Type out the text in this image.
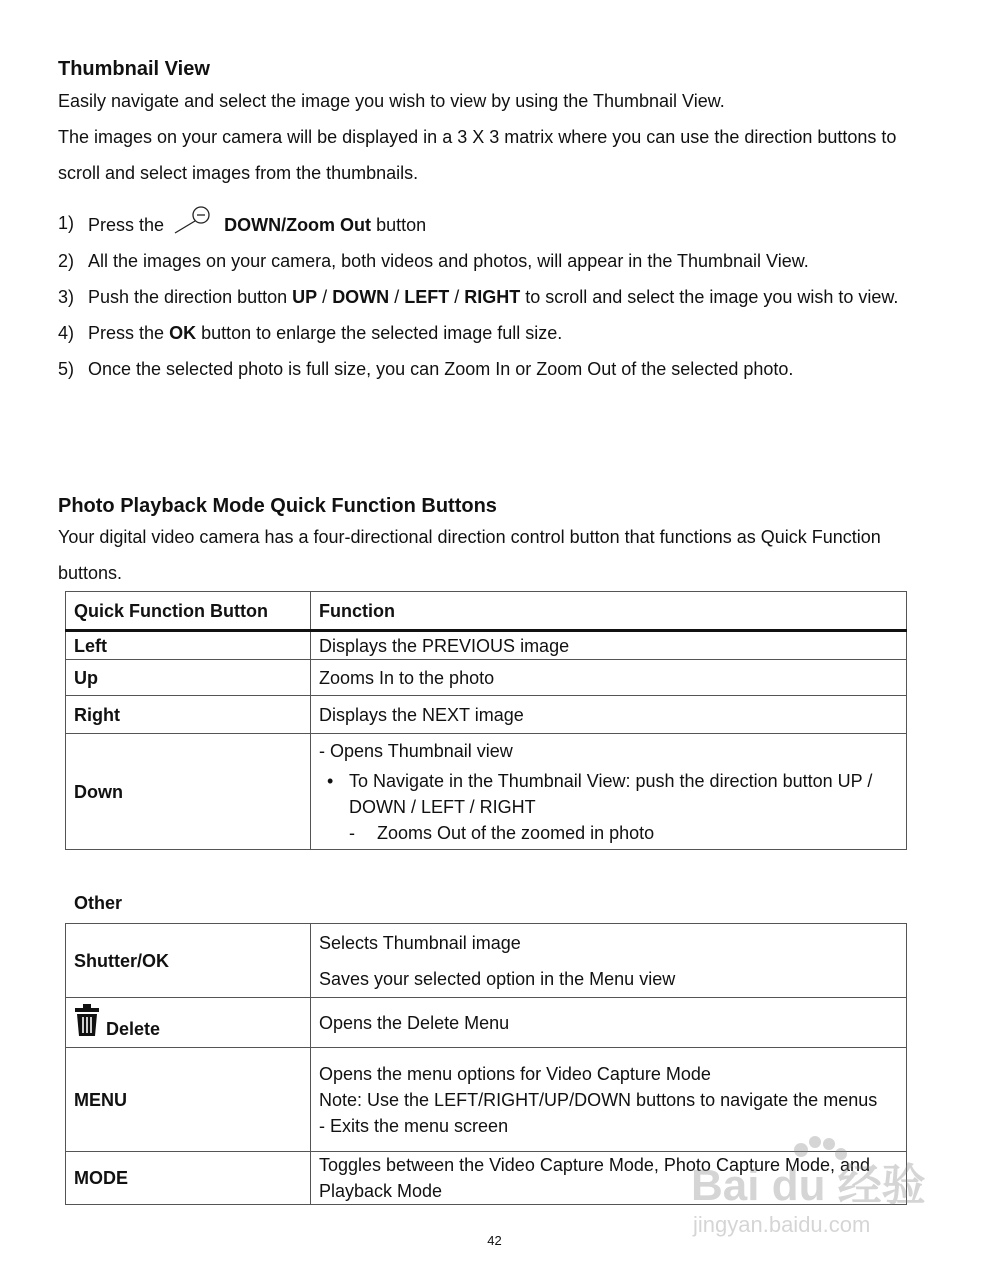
Thumbnail View

Easily navigate and select the image you wish to view by using the Thumbnail View.

The images on your camera will be displayed in a 3 X 3 matrix where you can use the direction buttons to scroll and select images from the thumbnails.

1) Press the	DOWN/Zoom Out button
2) All the images on your camera, both videos and photos, will appear in the Thumbnail View.
3) Push the direction button UP / DOWN / LEFT / RIGHT to scroll and select the image you wish to view.
4) Press the OK button to enlarge the selected image full size.
5) Once the selected photo is full size, you can Zoom In or Zoom Out of the selected photo.
Photo Playback Mode Quick Function Buttons

Your digital video camera has a four-directional direction control button that functions as Quick Function buttons.

Quick Function Button	Function
Left	Displays the PREVIOUS image
Up	Zooms In to the photo
Right	Displays the NEXT image
Down	- Opens Thumbnail view
• To Navigate in the Thumbnail View: push the direction button UP / DOWN / LEFT / RIGHT
- Zooms Out of the zoomed in photo
Other
Shutter/OK	Selects Thumbnail image
Saves your selected option in the Menu view

Delete	Opens the Delete Menu
MENU	Opens the menu options for Video Capture Mode
Note: Use the LEFT/RIGHT/UP/DOWN buttons to navigate the menus
- Exits the menu screen

MODE	Toggles between the Video Capture Mode, Photo Capture Mode, and Playback Mode
42
Bai du 经验
jingyan.baidu.com
